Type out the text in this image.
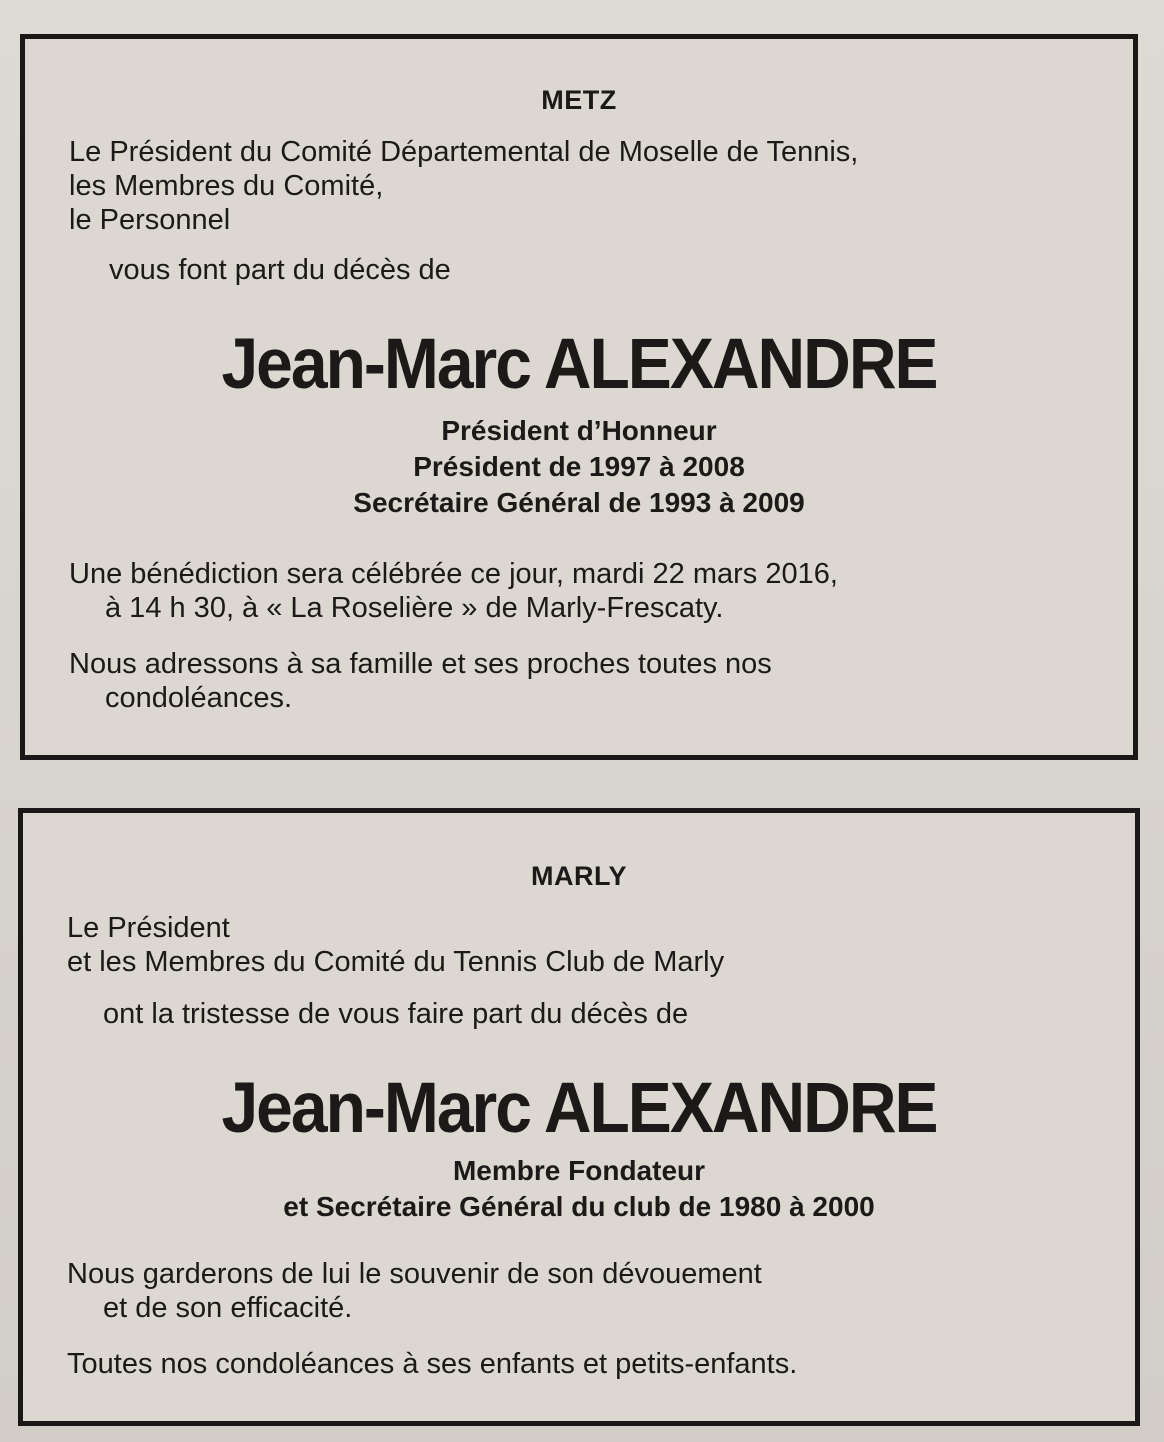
METZ
Le Président du Comité Départemental de Moselle de Tennis,
les Membres du Comité,
le Personnel
vous font part du décès de
Jean-Marc ALEXANDRE
Président d’Honneur
Président de 1997 à 2008
Secrétaire Général de 1993 à 2009
Une bénédiction sera célébrée ce jour, mardi 22 mars 2016,
à 14 h 30, à « La Roselière » de Marly-Frescaty.
Nous adressons à sa famille et ses proches toutes nos
condoléances.
MARLY
Le Président
et les Membres du Comité du Tennis Club de Marly
ont la tristesse de vous faire part du décès de
Jean-Marc ALEXANDRE
Membre Fondateur
et Secrétaire Général du club de 1980 à 2000
Nous garderons de lui le souvenir de son dévouement
et de son efficacité.
Toutes nos condoléances à ses enfants et petits-enfants.
